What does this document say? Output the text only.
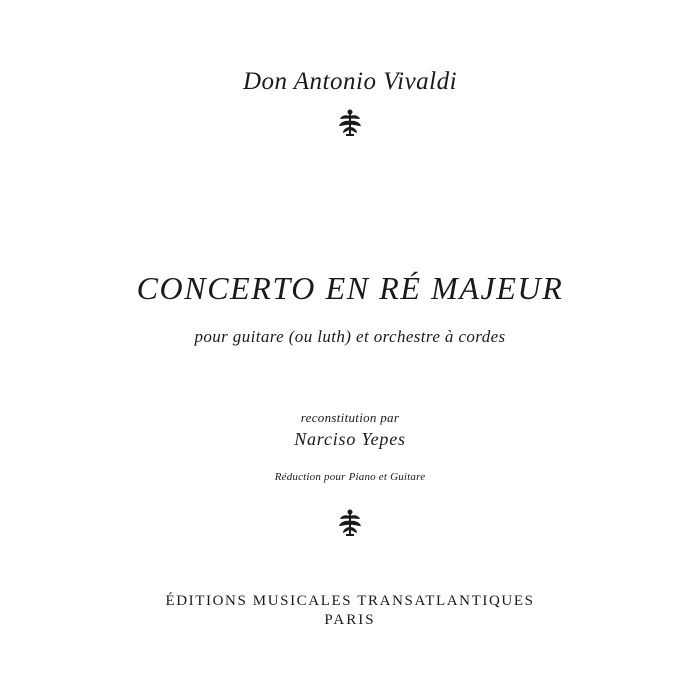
Don Antonio Vivaldi
CONCERTO EN RÉ MAJEUR
pour guitare (ou luth) et orchestre à cordes
reconstitution par
Narciso Yepes
Réduction pour Piano et Guitare
ÉDITIONS MUSICALES TRANSATLANTIQUES
PARIS
